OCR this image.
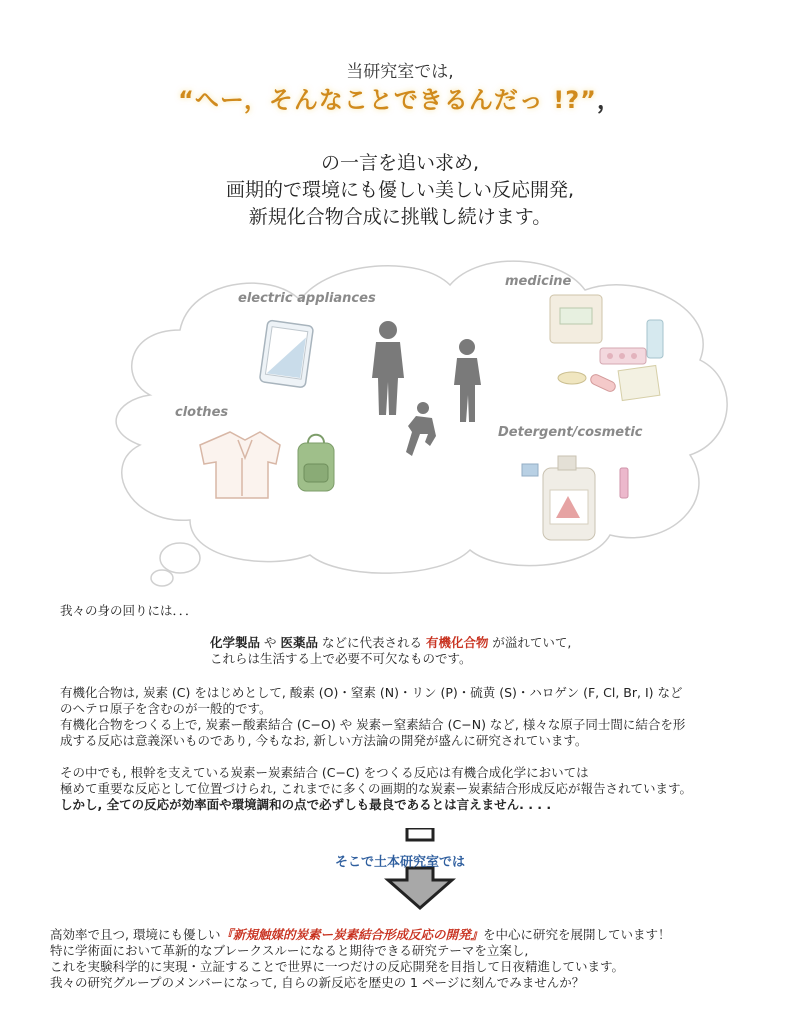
当研究室では,
“へー，そんなことできるんだっ !?”，
の一言を追い求め,
画期的で環境にも優しい美しい反応開発,
新規化合物合成に挑戦し続けます。
electric appliances
medicine
clothes
Detergent/cosmetic
我々の身の回りには．．．
化学製品 や 医薬品 などに代表される 有機化合物 が溢れていて,
これらは生活する上で必要不可欠なものです。
有機化合物は, 炭素 (C) をはじめとして, 酸素 (O)・窒素 (N)・リン (P)・硫黄 (S)・ハロゲン (F, Cl, Br, I) など
のヘテロ原子を含むのが一般的です。
有機化合物をつくる上で, 炭素ー酸素結合 (C−O) や 炭素ー窒素結合 (C−N) など, 様々な原子同士間に結合を形
成する反応は意義深いものであり, 今もなお, 新しい方法論の開発が盛んに研究されています。
その中でも, 根幹を支えている炭素ー炭素結合 (C−C) をつくる反応は有機合成化学においては
極めて重要な反応として位置づけられ, これまでに多くの画期的な炭素ー炭素結合形成反応が報告されています。
しかし, 全ての反応が効率面や環境調和の点で必ずしも最良であるとは言えません. . . .
そこで土本研究室では
高効率で且つ, 環境にも優しい『新規触媒的炭素ー炭素結合形成反応の開発』を中心に研究を展開しています！
特に学術面において革新的なブレークスルーになると期待できる研究テーマを立案し,
これを実験科学的に実現・立証することで世界に一つだけの反応開発を目指して日夜精進しています。
我々の研究グループのメンバーになって, 自らの新反応を歴史の 1 ページに刻んでみませんか？
